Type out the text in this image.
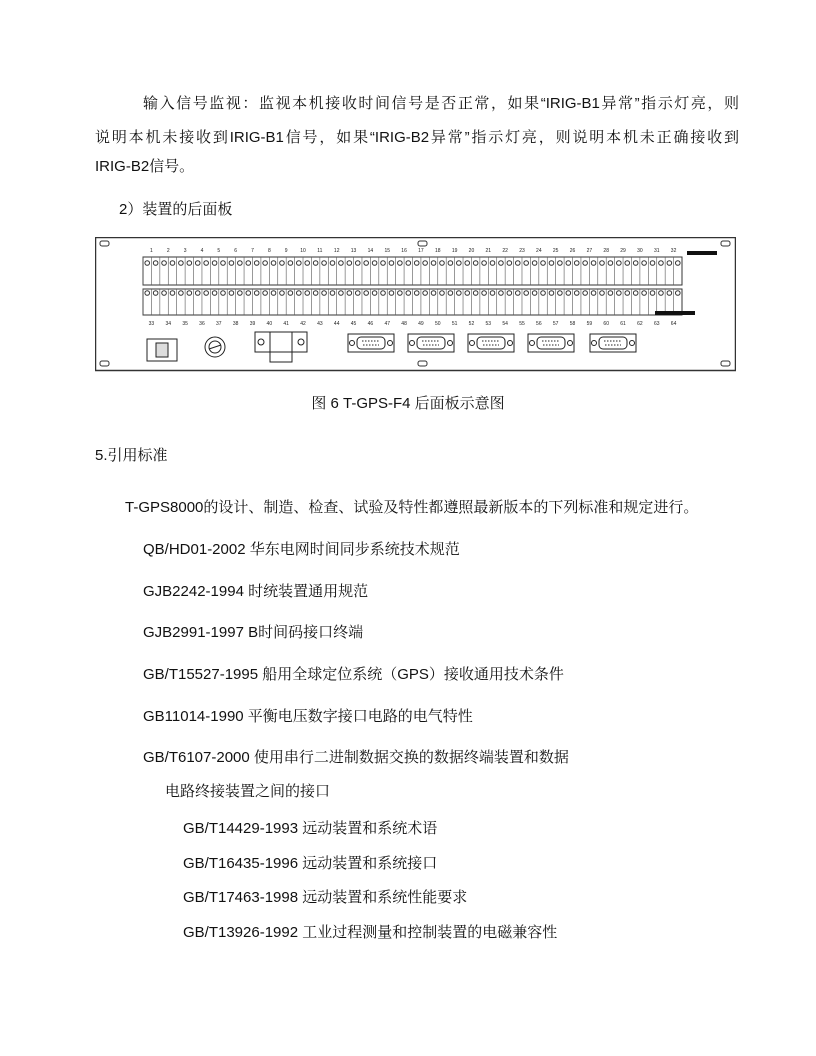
输入信号监视：监视本机接收时间信号是否正常，如果“IRIG-B1异常”指示灯亮，则
说明本机未接收到IRIG-B1信号，如果“IRIG-B2异常”指示灯亮，则说明本机未正确接收到
IRIG-B2信号。
2）装置的后面板
1	2	3	4	5	6	7	8	9	10 11 12 13 14 15 16 17 18 19 20 21 22 23 24 25 26 27 28 29 30 31 32
33 34 35 36 37 38 39 40 41 42 43 44 45 46 47 48 49 50 51 52 53 54 55 56 57 58 59 60 61 62 63 64
图 6 T-GPS-F4 后面板示意图
5.引用标准
T-GPS8000的设计、制造、检查、试验及特性都遵照最新版本的下列标准和规定进行。
QB/HD01-2002 华东电网时间同步系统技术规范
GJB2242-1994 时统装置通用规范
GJB2991-1997 B时间码接口终端
GB/T15527-1995 船用全球定位系统（GPS）接收通用技术条件
GB11014-1990 平衡电压数字接口电路的电气特性
GB/T6107-2000 使用串行二进制数据交换的数据终端装置和数据
电路终接装置之间的接口
GB/T14429-1993 远动装置和系统术语
GB/T16435-1996 远动装置和系统接口
GB/T17463-1998 远动装置和系统性能要求
GB/T13926-1992 工业过程测量和控制装置的电磁兼容性
